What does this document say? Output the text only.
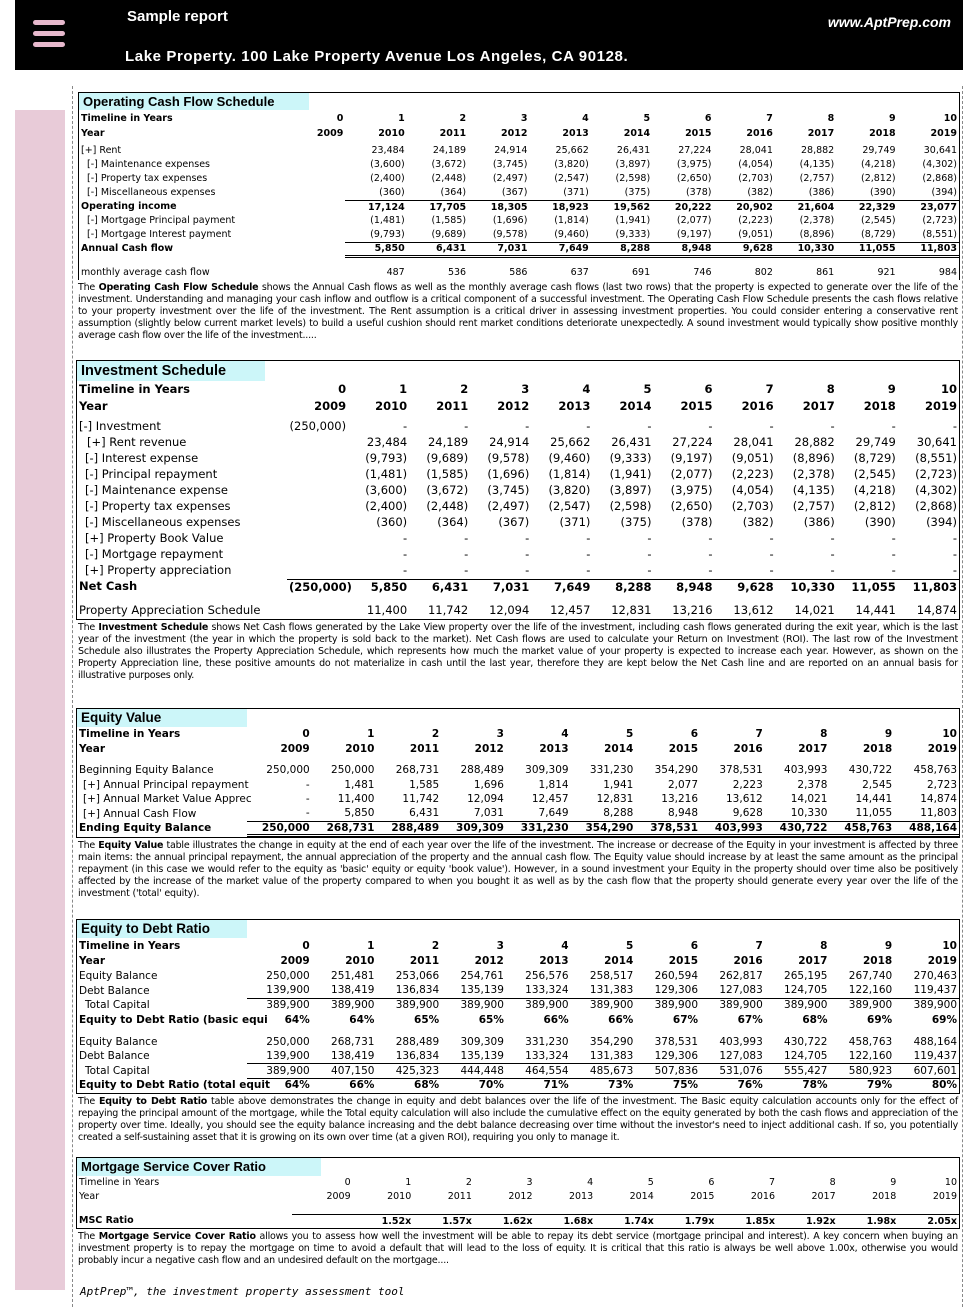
Sample report	www.AptPrep.com
Lake Property. 100 Lake Property Avenue Los Angeles, CA 90128.
Operating Cash Flow Schedule
Timeline in Years	0	1	2	3	4	5	6	7	8	9	10
Year	2009	2010	2011	2012	2013	2014	2015	2016	2017	2018	2019

[+] Rent		23,484	24,189	24,914	25,662	26,431	27,224	28,041	28,882	29,749	30,641
[-] Maintenance expenses		(3,600)	(3,672)	(3,745)	(3,820)	(3,897)	(3,975)	(4,054)	(4,135)	(4,218)	(4,302)
[-] Property tax expenses		(2,400)	(2,448)	(2,497)	(2,547)	(2,598)	(2,650)	(2,703)	(2,757)	(2,812)	(2,868)
[-] Miscellaneous expenses		(360)	(364)	(367)	(371)	(375)	(378)	(382)	(386)	(390)	(394)
Operating income		17,124	17,705	18,305	18,923	19,562	20,222	20,902	21,604	22,329	23,077
[-] Mortgage Principal payment		(1,481)	(1,585)	(1,696)	(1,814)	(1,941)	(2,077)	(2,223)	(2,378)	(2,545)	(2,723)
[-] Mortgage Interest payment		(9,793)	(9,689)	(9,578)	(9,460)	(9,333)	(9,197)	(9,051)	(8,896)	(8,729)	(8,551)
Annual Cash flow		5,850	6,431	7,031	7,649	8,288	8,948	9,628	10,330	11,055	11,803

monthly average cash flow		487	536	586	637	691	746	802	861	921	984
The Operating Cash Flow Schedule shows the Annual Cash flows as well as the monthly average cash flows (last two rows) that the property is expected to generate over the life of the investment. Understanding and managing your cash inflow and outflow is a critical component of a successful investment. The Operating Cash Flow Schedule presents the cash flows relative to your property investment over the life of the investment. The Rent assumption is a critical driver in assessing investment properties. You could consider entering a conservative rent assumption (slightly below current market levels) to build a useful cushion should rent market conditions deteriorate unexpectedly. A sound investment would typically show positive monthly average cash flow over the life of the investment.....
Investment Schedule
Timeline in Years	0	1	2	3	4	5	6	7	8	9	10
Year	2009	2010	2011	2012	2013	2014	2015	2016	2017	2018	2019

[-] Investment	(250,000)	-	-	-	-	-	-	-	-	-	-
[+] Rent revenue		23,484	24,189	24,914	25,662	26,431	27,224	28,041	28,882	29,749	30,641
[-] Interest expense		(9,793)	(9,689)	(9,578)	(9,460)	(9,333)	(9,197)	(9,051)	(8,896)	(8,729)	(8,551)
[-] Principal repayment		(1,481)	(1,585)	(1,696)	(1,814)	(1,941)	(2,077)	(2,223)	(2,378)	(2,545)	(2,723)
[-] Maintenance expense		(3,600)	(3,672)	(3,745)	(3,820)	(3,897)	(3,975)	(4,054)	(4,135)	(4,218)	(4,302)
[-] Property tax expenses		(2,400)	(2,448)	(2,497)	(2,547)	(2,598)	(2,650)	(2,703)	(2,757)	(2,812)	(2,868)
[-] Miscellaneous expenses		(360)	(364)	(367)	(371)	(375)	(378)	(382)	(386)	(390)	(394)
[+] Property Book Value		-	-	-	-	-	-	-	-	-	-
[-] Mortgage repayment		-	-	-	-	-	-	-	-	-	-
[+] Property appreciation		-	-	-	-	-	-	-	-	-	-
Net Cash	(250,000)	5,850	6,431	7,031	7,649	8,288	8,948	9,628	10,330	11,055	11,803

Property Appreciation Schedule		11,400	11,742	12,094	12,457	12,831	13,216	13,612	14,021	14,441	14,874
The Investment Schedule shows Net Cash flows generated by the Lake View property over the life of the investment, including cash flows generated during the exit year, which is the last year of the investment (the year in which the property is sold back to the market). Net Cash flows are used to calculate your Return on Investment (ROI). The last row of the Investment Schedule also illustrates the Property Appreciation Schedule, which represents how much the market value of your property is expected to increase each year. However, as shown on the Property Appreciation line, these positive amounts do not materialize in cash until the last year, therefore they are kept below the Net Cash line and are reported on an annual basis for illustrative purposes only.
Equity Value
Timeline in Years	0	1	2	3	4	5	6	7	8	9	10
Year	2009	2010	2011	2012	2013	2014	2015	2016	2017	2018	2019

Beginning Equity Balance	250,000	250,000	268,731	288,489	309,309	331,230	354,290	378,531	403,993	430,722	458,763
[+] Annual Principal repayment	-	1,481	1,585	1,696	1,814	1,941	2,077	2,223	2,378	2,545	2,723
[+] Annual Market Value Apprec	-	11,400	11,742	12,094	12,457	12,831	13,216	13,612	14,021	14,441	14,874
[+] Annual Cash Flow	-	5,850	6,431	7,031	7,649	8,288	8,948	9,628	10,330	11,055	11,803
Ending Equity Balance	250,000	268,731	288,489	309,309	331,230	354,290	378,531	403,993	430,722	458,763	488,164
The Equity Value table illustrates the change in equity at the end of each year over the life of the investment. The increase or decrease of the Equity in your investment is affected by three main items: the annual principal repayment, the annual appreciation of the property and the annual cash flow. The Equity value should increase by at least the same amount as the principal repayment (in this case we would refer to the equity as 'basic' equity or equity 'book value'). However, in a sound investment your Equity in the property should over time also be positively affected by the increase of the market value of the property compared to when you bought it as well as by the cash flow that the property should generate every year over the life of the investment ('total' equity).
Equity to Debt Ratio
Timeline in Years	0	1	2	3	4	5	6	7	8	9	10
Year	2009	2010	2011	2012	2013	2014	2015	2016	2017	2018	2019
Equity Balance	250,000	251,481	253,066	254,761	256,576	258,517	260,594	262,817	265,195	267,740	270,463
Debt Balance	139,900	138,419	136,834	135,139	133,324	131,383	129,306	127,083	124,705	122,160	119,437
Total Capital	389,900	389,900	389,900	389,900	389,900	389,900	389,900	389,900	389,900	389,900	389,900
Equity to Debt Ratio (basic equi	64%	64%	65%	65%	66%	66%	67%	67%	68%	69%	69%

Equity Balance	250,000	268,731	288,489	309,309	331,230	354,290	378,531	403,993	430,722	458,763	488,164
Debt Balance	139,900	138,419	136,834	135,139	133,324	131,383	129,306	127,083	124,705	122,160	119,437
Total Capital	389,900	407,150	425,323	444,448	464,554	485,673	507,836	531,076	555,427	580,923	607,601
Equity to Debt Ratio (total equit	64%	66%	68%	70%	71%	73%	75%	76%	78%	79%	80%
The Equity to Debt Ratio table above demonstrates the change in equity and debt balances over the life of the investment. The Basic equity calculation accounts only for the effect of repaying the principal amount of the mortgage, while the Total equity calculation will also include the cumulative effect on the equity generated by both the cash flows and appreciation of the property over time. Ideally, you should see the equity balance increasing and the debt balance decreasing over time without the investor's need to inject additional cash. If so, you potentially created a self-sustaining asset that it is growing on its own over time (at a given ROI), requiring you only to manage it.
Mortgage Service Cover Ratio
Timeline in Years	0	1	2	3	4	5	6	7	8	9	10
Year	2009	2010	2011	2012	2013	2014	2015	2016	2017	2018	2019

MSC Ratio		1.52x	1.57x	1.62x	1.68x	1.74x	1.79x	1.85x	1.92x	1.98x	2.05x
The Mortgage Service Cover Ratio allows you to assess how well the investment will be able to repay its debt service (mortgage principal and interest). A key concern when buying an investment property is to repay the mortgage on time to avoid a default that will lead to the loss of equity. It is critical that this ratio is always be well above 1.00x, otherwise you would probably incur a negative cash flow and an undesired default on the mortgage....
AptPrep™, the investment property assessment tool
